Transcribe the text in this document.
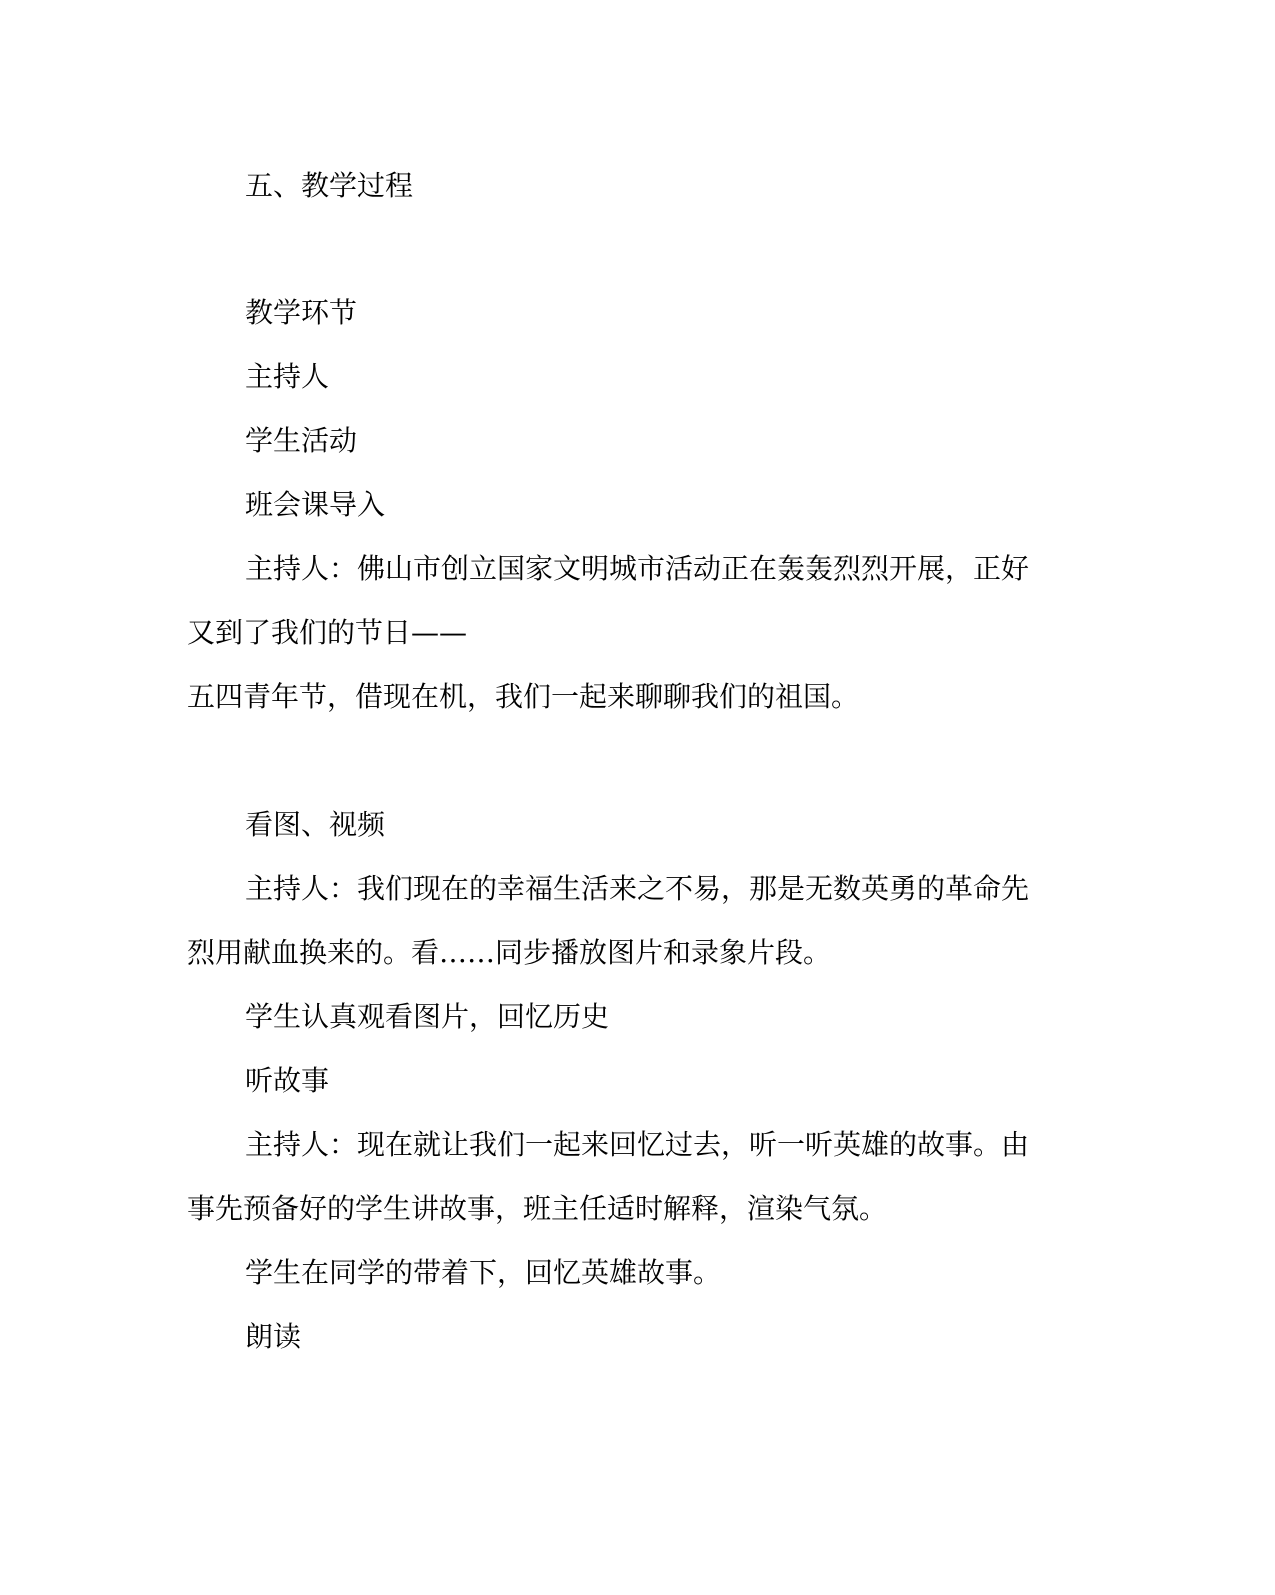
五、教学过程
教学环节
主持人
学生活动
班会课导入
主持人：佛山市创立国家文明城市活动正在轰轰烈烈开展，正好
又到了我们的节日——
五四青年节，借现在机，我们一起来聊聊我们的祖国。
看图、视频
主持人：我们现在的幸福生活来之不易，那是无数英勇的革命先
烈用献血换来的。看……同步播放图片和录象片段。
学生认真观看图片，回忆历史
听故事
主持人：现在就让我们一起来回忆过去，听一听英雄的故事。由
事先预备好的学生讲故事，班主任适时解释，渲染气氛。
学生在同学的带着下，回忆英雄故事。
朗读
